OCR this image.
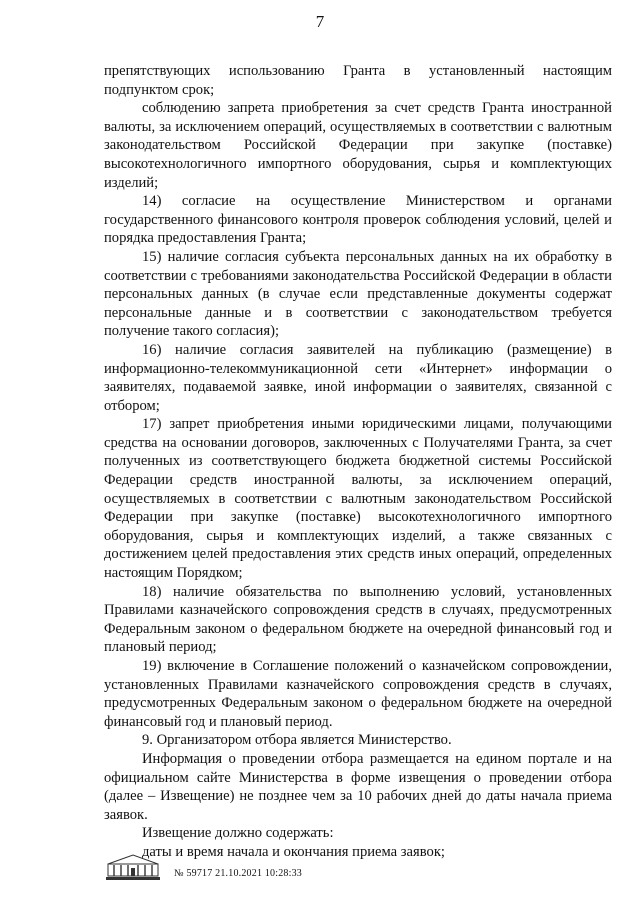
7

препятствующих использованию Гранта в установленный настоящим подпунктом срок;

соблюдению запрета приобретения за счет средств Гранта иностранной валюты, за исключением операций, осуществляемых в соответствии с валютным законодательством Российской Федерации при закупке (поставке) высокотехнологичного импортного оборудования, сырья и комплектующих изделий;

14) согласие на осуществление Министерством и органами государственного финансового контроля проверок соблюдения условий, целей и порядка предоставления Гранта;

15) наличие согласия субъекта персональных данных на их обработку в соответствии с требованиями законодательства Российской Федерации в области персональных данных (в случае если представленные документы содержат персональные данные и в соответствии с законодательством требуется получение такого согласия);

16) наличие согласия заявителей на публикацию (размещение) в информационно-телекоммуникационной сети «Интернет» информации о заявителях, подаваемой заявке, иной информации о заявителях, связанной с отбором;

17) запрет приобретения иными юридическими лицами, получающими средства на основании договоров, заключенных с Получателями Гранта, за счет полученных из соответствующего бюджета бюджетной системы Российской Федерации средств иностранной валюты, за исключением операций, осуществляемых в соответствии с валютным законодательством Российской Федерации при закупке (поставке) высокотехнологичного импортного оборудования, сырья и комплектующих изделий, а также связанных с достижением целей предоставления этих средств иных операций, определенных настоящим Порядком;

18) наличие обязательства по выполнению условий, установленных Правилами казначейского сопровождения средств в случаях, предусмотренных Федеральным законом о федеральном бюджете на очередной финансовый год и плановый период;

19) включение в Соглашение положений о казначейском сопровождении, установленных Правилами казначейского сопровождения средств в случаях, предусмотренных Федеральным законом о федеральном бюджете на очередной финансовый год и плановый период.

9. Организатором отбора является Министерство.

Информация о проведении отбора размещается на едином портале и на официальном сайте Министерства в форме извещения о проведении отбора (далее – Извещение) не позднее чем за 10 рабочих дней до даты начала приема заявок.

Извещение должно содержать:

даты и время начала и окончания приема заявок;

№ 59717 21.10.2021 10:28:33
